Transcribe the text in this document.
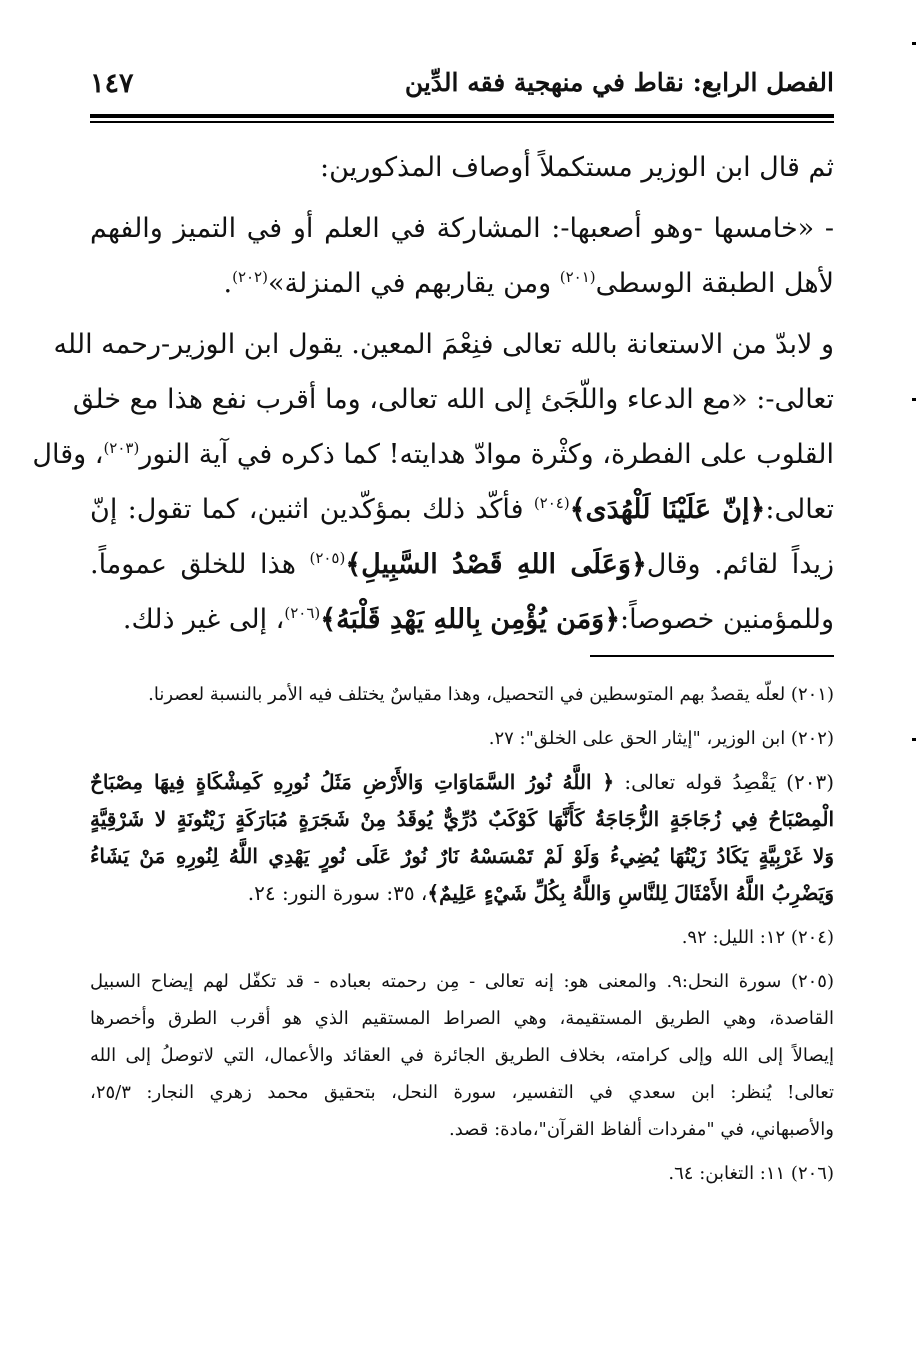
الفصل الرابع: نقاط في منهجية فقه الدِّين
١٤٧
ثم قال ابن الوزير مستكملاً أوصاف المذكورين:
- «خامسها -وهو أصعبها-: المشاركة في العلم أو في التميز والفهم
لأهل الطبقة الوسطى$^{(٢٠١)}$ ومن يقاربهم في المنزلة»$^{(٢٠٢)}$.
و لابدّ من الاستعانة بالله تعالى فنِعْمَ المعين. يقول ابن الوزير-رحمه الله
تعالى-: «مع الدعاء واللّجَئ إلى الله تعالى، وما أقرب نفع هذا مع خلق
القلوب على الفطرة، وكثْرة موادّ هدايته! كما ذكره في آية النور$^{(٢٠٣)}$، وقال
تعالى:﴿إنّ عَلَيْنَا لَلْهُدَى﴾$^{(٢٠٤)}$ فأكّد ذلك بمؤكّدين اثنين، كما تقول: إنّ
زيداً لقائم. وقال﴿وَعَلَى اللهِ قَصْدُ السَّبِيلِ﴾$^{(٢٠٥)}$ هذا للخلق عموماً.
وللمؤمنين خصوصاً:﴿وَمَن يُؤْمِن بِاللهِ يَهْدِ قَلْبَهُ﴾$^{(٢٠٦)}$، إلى غير ذلك.
(٢٠١) لعلّه يقصدُ بهم المتوسطين في التحصيل، وهذا مقياسٌ يختلف فيه الأمر بالنسبة لعصرنا.
(٢٠٢) ابن الوزير، "إيثار الحق على الخلق": ٢٧.
(٢٠٣) يَقْصِدُ قوله تعالى: ﴿ اللَّهُ نُورُ السَّمَاوَاتِ وَالأَرْضِ مَثَلُ نُورِهِ كَمِشْكَاةٍ فِيهَا مِصْبَاحٌ
الْمِصْبَاحُ فِي زُجَاجَةٍ الزُّجَاجَةُ كَأَنَّهَا كَوْكَبٌ دُرِّيٌّ يُوقَدُ مِنْ شَجَرَةٍ مُبَارَكَةٍ زَيْتُونَةٍ لا شَرْقِيَّةٍ
وَلا غَرْبِيَّةٍ يَكَادُ زَيْتُهَا يُضِيءُ وَلَوْ لَمْ تَمْسَسْهُ نَارٌ نُورٌ عَلَى نُورٍ يَهْدِي اللَّهُ لِنُورِهِ مَنْ يَشَاءُ
وَيَضْرِبُ اللَّهُ الأَمْثَالَ لِلنَّاسِ وَاللَّهُ بِكُلِّ شَيْءٍ عَلِيمٌ﴾، ٣٥: سورة النور: ٢٤.
(٢٠٤) ١٢: الليل: ٩٢.
(٢٠٥) سورة النحل:٩. والمعنى هو: إنه تعالى - مِن رحمته بعباده - قد تكفّل لهم إيضاح السبيل
القاصدة، وهي الطريق المستقيمة، وهي الصراط المستقيم الذي هو أقرب الطرق وأخصرها
إيصالاً إلى الله وإلى كرامته، بخلاف الطريق الجائرة في العقائد والأعمال، التي لاتوصلُ إلى الله
تعالى! يُنظر: ابن سعدي في التفسير، سورة النحل، بتحقيق محمد زهري النجار: ٢٥/٣،
والأصبهاني، في "مفردات ألفاظ القرآن"،مادة: قصد.
(٢٠٦) ١١: التغابن: ٦٤.
